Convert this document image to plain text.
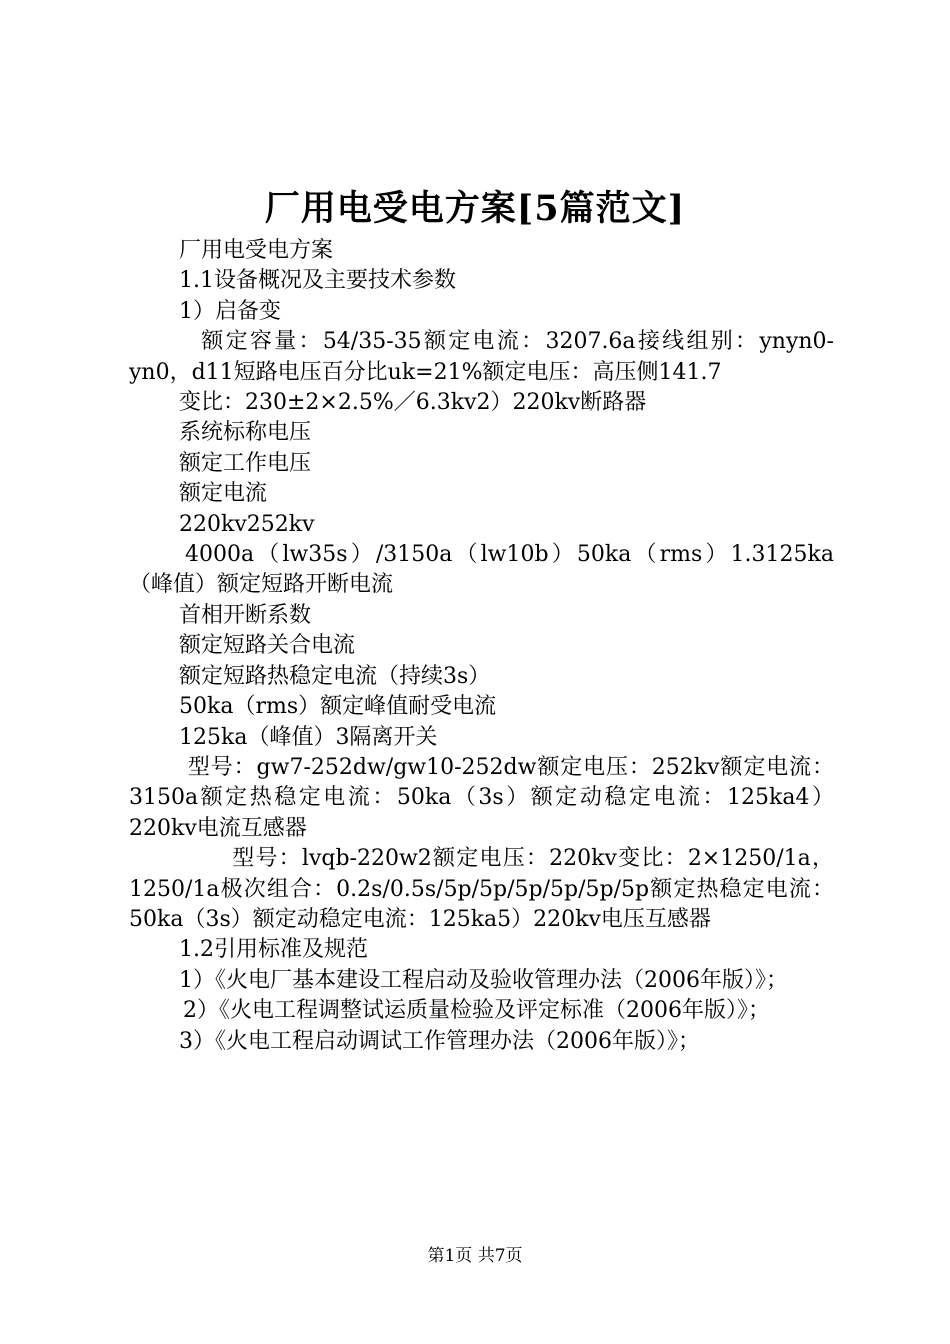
厂用电受电方案[5篇范文]

厂用电受电方案

1.1设备概况及主要技术参数

1）启备变

额定容量：54/35-35额定电流：3207.6a接线组别：ynyn0-yn0，d11短路电压百分比uk=21%额定电压：高压侧141.7

变比：230±2×2.5%／6.3kv2）220kv断路器

系统标称电压

额定工作电压

额定电流

220kv252kv

4000a（lw35s）/3150a（lw10b）50ka（rms）1.3125ka（峰值）额定短路开断电流

首相开断系数

额定短路关合电流

额定短路热稳定电流（持续3s）

50ka（rms）额定峰值耐受电流

125ka（峰值）3隔离开关

型号：gw7-252dw/gw10-252dw额定电压：252kv额定电流：3150a额定热稳定电流：50ka（3s）额定动稳定电流：125ka4）220kv电流互感器

型号：lvqb-220w2额定电压：220kv变比：2×1250/1a，1250/1a极次组合：0.2s/0.5s/5p/5p/5p/5p/5p/5p额定热稳定电流：50ka（3s）额定动稳定电流：125ka5）220kv电压互感器

1.2引用标准及规范

1）《火电厂基本建设工程启动及验收管理办法（2006年版）》；

2）《火电工程调整试运质量检验及评定标准（2006年版）》；

3）《火电工程启动调试工作管理办法（2006年版）》；

第1页 共7页
